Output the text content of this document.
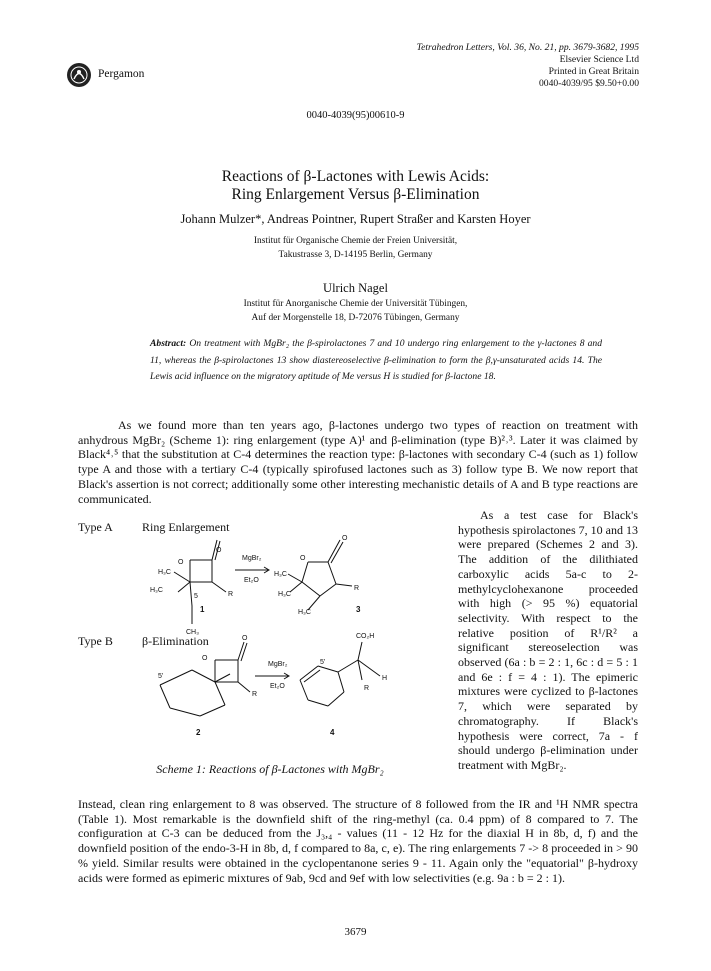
Tetrahedron Letters, Vol. 36, No. 21, pp. 3679-3682, 1995
Elsevier Science Ltd
Printed in Great Britain
0040-4039/95 $9.50+0.00
Pergamon
0040-4039(95)00610-9
Reactions of β-Lactones with Lewis Acids:
Ring Enlargement Versus β-Elimination
Johann Mulzer*, Andreas Pointner, Rupert Straßer and Karsten Hoyer
Institut für Organische Chemie der Freien Universität,
Takustrasse 3, D-14195 Berlin, Germany
Ulrich Nagel
Institut für Anorganische Chemie der Universität Tübingen,
Auf der Morgenstelle 18, D-72076 Tübingen, Germany
Abstract: On treatment with MgBr₂ the β-spirolactones 7 and 10 undergo ring enlargement to the γ-lactones 8 and 11, whereas the β-spirolactones 13 show diastereoselective β-elimination to form the β,γ-unsaturated acids 14. The Lewis acid influence on the migratory aptitude of Me versus H is studied for β-lactone 18.
As we found more than ten years ago, β-lactones undergo two types of reaction on treatment with anhydrous MgBr₂ (Scheme 1): ring enlargement (type A)¹ and β-elimination (type B)²˒³. Later it was claimed by Black⁴˒⁵ that the substitution at C-4 determines the reaction type: β-lactones with secondary C-4 (such as 1) follow type A and those with a tertiary C-4 (typically spirofused lactones such as 3) follow type B. We now report that Black's assertion is not correct; additionally some other interesting mechanistic details of A and B type reactions are communicated.
As a test case for Black's hypothesis spirolactones 7, 10 and 13 were prepared (Schemes 2 and 3). The addition of the dilithiated carboxylic acids 5a-c to 2-methylcyclohexanone proceeded with high (> 95 %) equatorial selectivity. With respect to the relative position of R¹/R² a significant stereoselection was observed (6a : b = 2 : 1, 6c : d = 5 : 1 and 6e : f = 4 : 1). The epimeric mixtures were cyclized to β-lactones 7, which were separated by chromatography. If Black's hypothesis were correct, 7a - f should undergo β-elimination under treatment with MgBr₂.
Type A Ring Enlargement
Type B β-Elimination
O
MgBr₂
Et₂O
H₃C
H₃C
R
O
5
CH₃
O
O
H₃C
H₃C
R
H₃C
O
O
5'
R
MgBr₂
Et₂O
CO₂H
H
R
5'
1	3
2	4
Scheme 1: Reactions of β-Lactones with MgBr₂
Instead, clean ring enlargement to 8 was observed. The structure of 8 followed from the IR and ¹H NMR spectra (Table 1). Most remarkable is the downfield shift of the ring-methyl (ca. 0.4 ppm) of 8 compared to 7. The configuration at C-3 can be deduced from the J₃,₄ - values (11 - 12 Hz for the diaxial H in 8b, d, f) and the downfield position of the endo-3-H in 8b, d, f compared to 8a, c, e). The ring enlargements 7 -> 8 proceeded in > 90 % yield. Similar results were obtained in the cyclopentanone series 9 - 11. Again only the "equatorial" β-hydroxy acids were formed as epimeric mixtures of 9ab, 9cd and 9ef with low selectivities (e.g. 9a : b = 2 : 1).
3679
